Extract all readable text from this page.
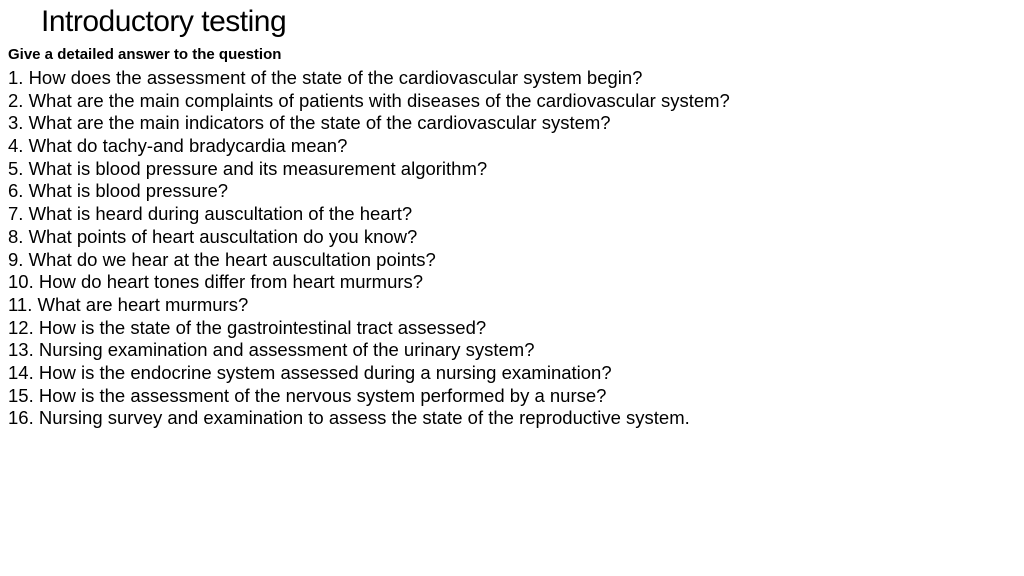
Introductory testing

Give a detailed answer to the question

1. How does the assessment of the state of the cardiovascular system begin?
2. What are the main complaints of patients with diseases of the cardiovascular system?
3. What are the main indicators of the state of the cardiovascular system?
4. What do tachy-and bradycardia mean?
5. What is blood pressure and its measurement algorithm?
6. What is blood pressure?
7. What is heard during auscultation of the heart?
8. What points of heart auscultation do you know?
9. What do we hear at the heart auscultation points?
10. How do heart tones differ from heart murmurs?
11. What are heart murmurs?
12. How is the state of the gastrointestinal tract assessed?
13. Nursing examination and assessment of the urinary system?
14. How is the endocrine system assessed during a nursing examination?
15. How is the assessment of the nervous system performed by a nurse?
16. Nursing survey and examination to assess the state of the reproductive system.
